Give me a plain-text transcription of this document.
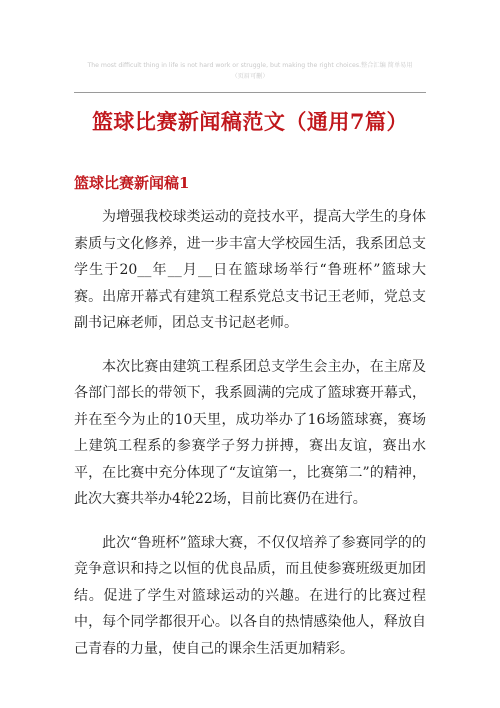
The most difficult thing in life is not hard work or struggle, but making the right choices.整合汇编 简单易用
（页眉可删）
篮球比赛新闻稿范文（通用7篇）
篮球比赛新闻稿1

为增强我校球类运动的竞技水平，提高大学生的身体素质与文化修养，进一步丰富大学校园生活，我系团总支学生于20__年__月__日在篮球场举行“鲁班杯”篮球大赛。出席开幕式有建筑工程系党总支书记王老师，党总支副书记麻老师，团总支书记赵老师。

本次比赛由建筑工程系团总支学生会主办，在主席及各部门部长的带领下，我系圆满的完成了篮球赛开幕式，并在至今为止的10天里，成功举办了16场篮球赛，赛场上建筑工程系的参赛学子努力拼搏，赛出友谊，赛出水平，在比赛中充分体现了“友谊第一，比赛第二”的精神，此次大赛共举办4轮22场，目前比赛仍在进行。

此次“鲁班杯”篮球大赛，不仅仅培养了参赛同学的的竞争意识和持之以恒的优良品质，而且使参赛班级更加团结。促进了学生对篮球运动的兴趣。在进行的比赛过程中，每个同学都很开心。以各自的热情感染他人，释放自己青春的力量，使自己的课余生活更加精彩。
